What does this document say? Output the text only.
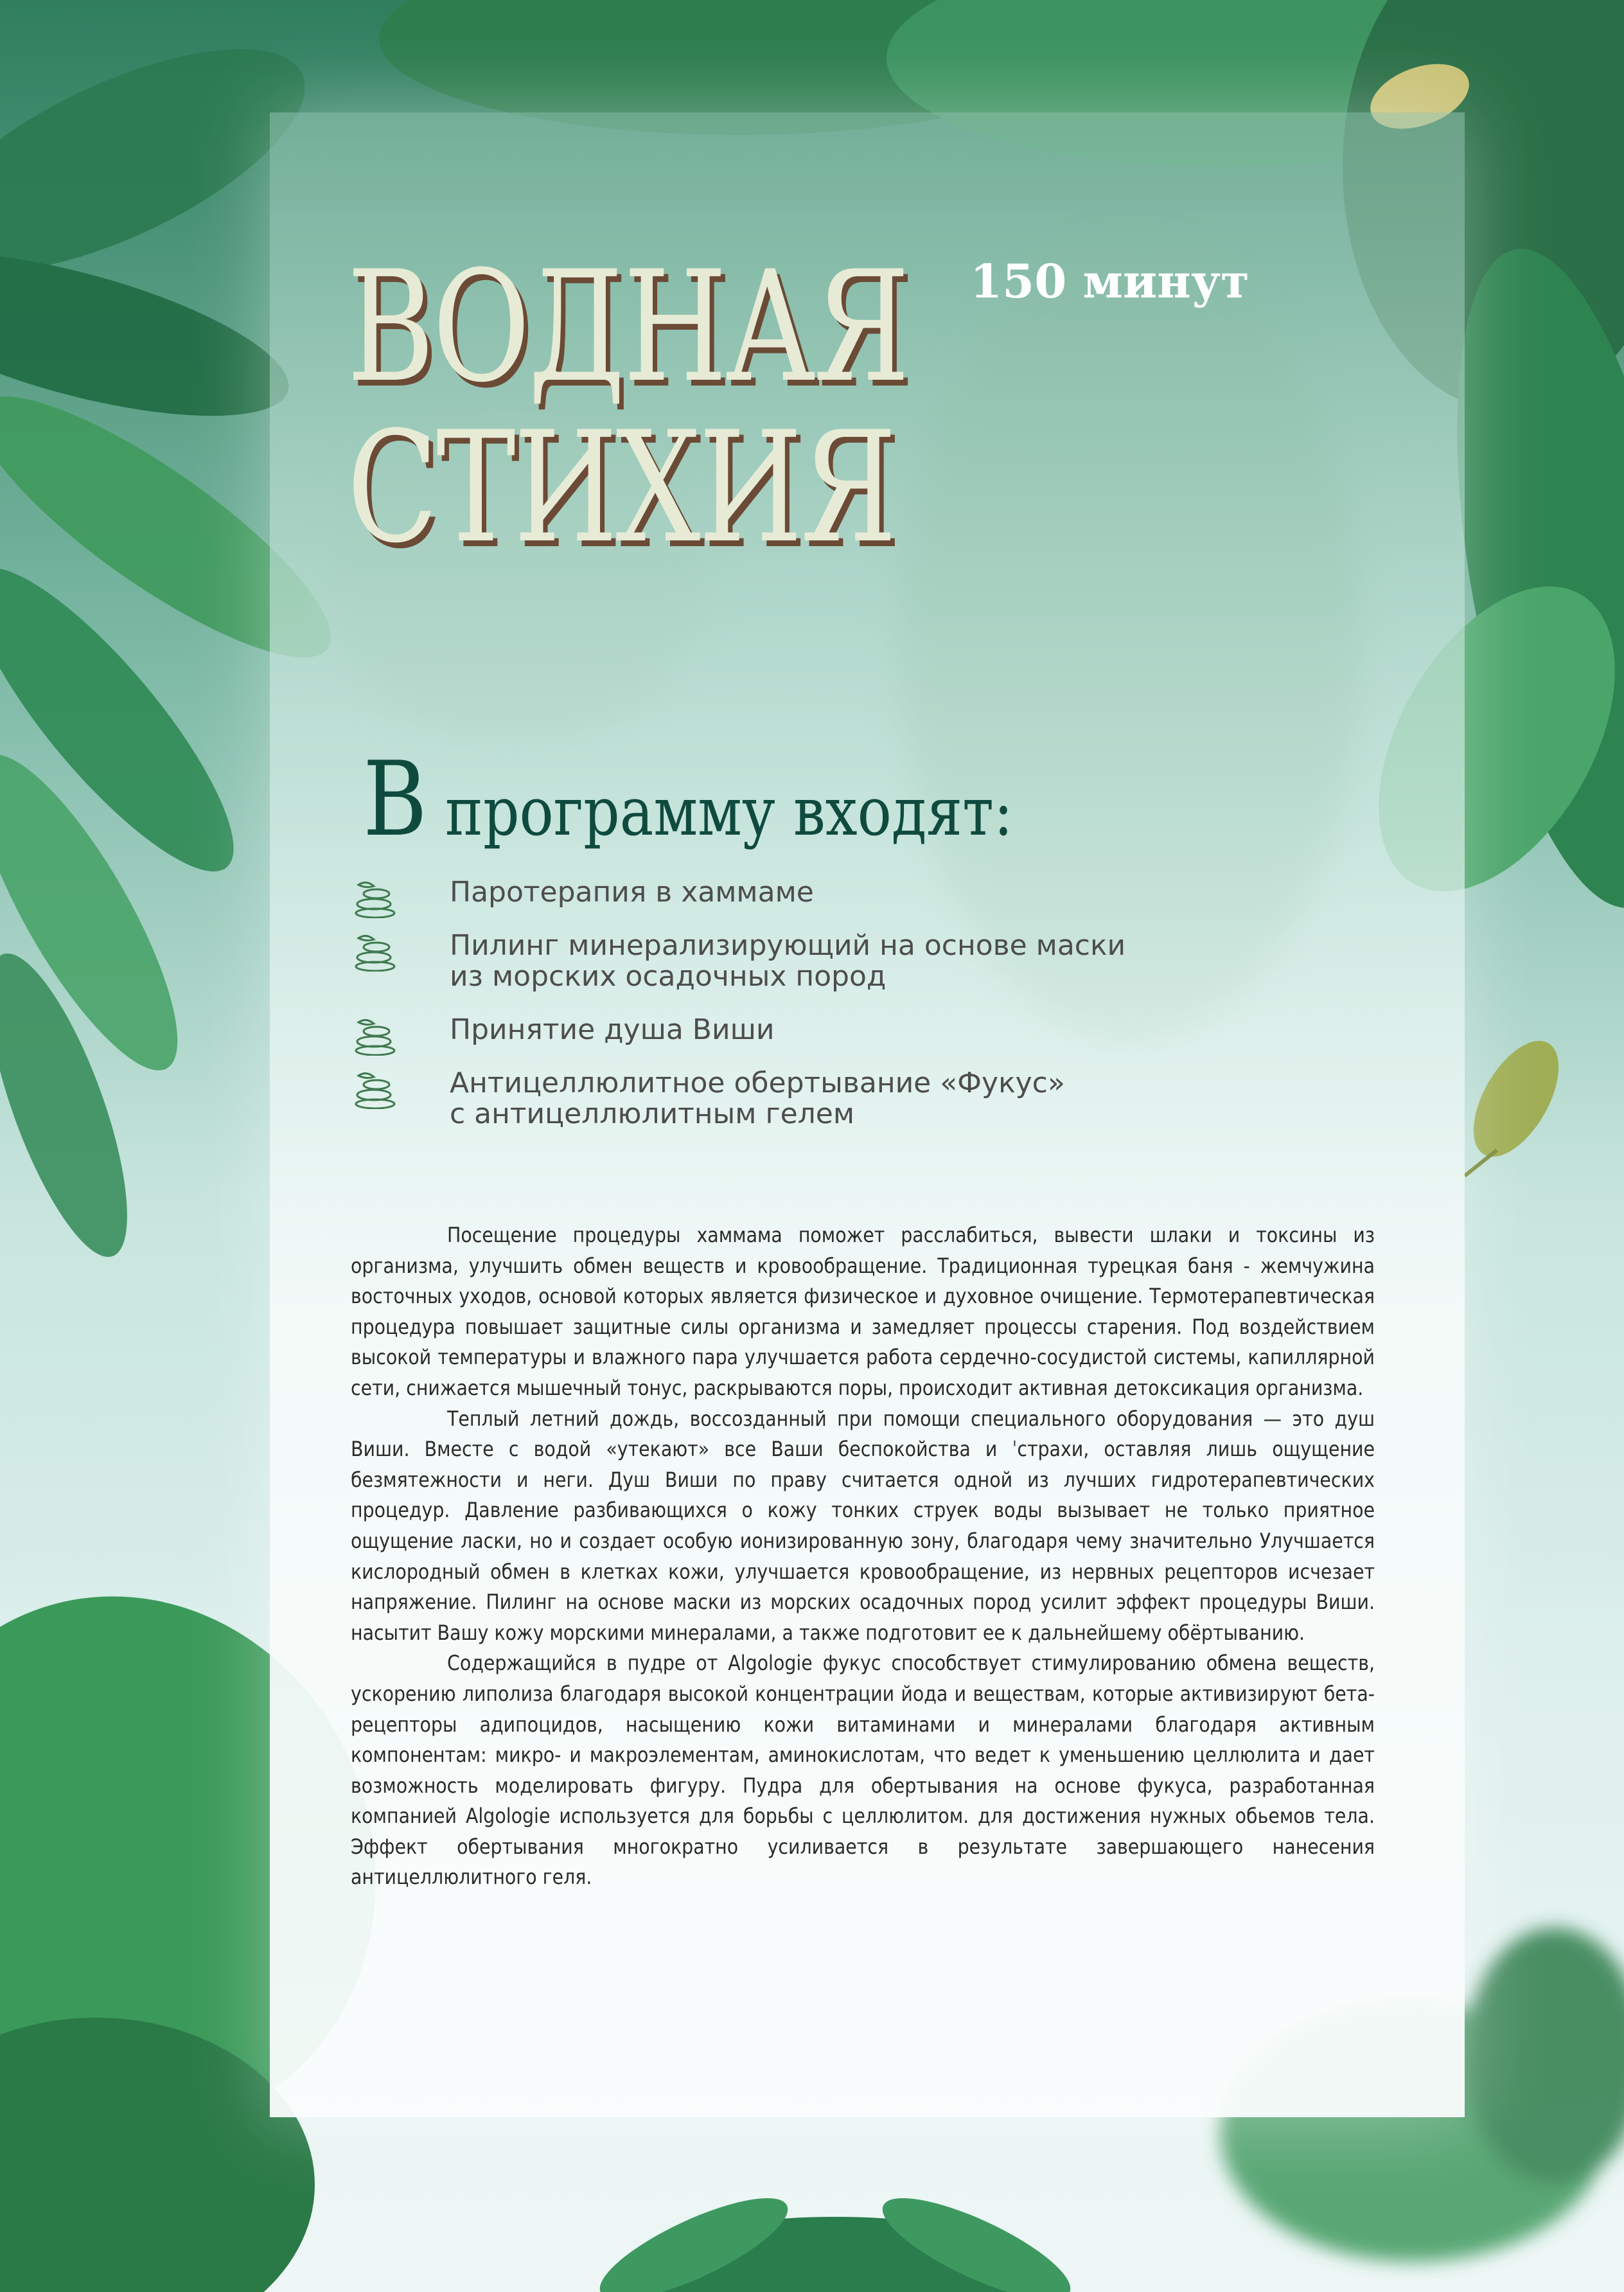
ВОДНАЯ
СТИХИЯ
150 минут
В программу входят:
Паротерапия в хаммаме
Пилинг минерализирующий на основе маски
из морских осадочных пород
Принятие душа Виши
Антицеллюлитное обертывание «Фукус»
с антицеллюлитным гелем

Посещение процедуры хаммама поможет расслабиться, вывести шлаки и токсины из организма, улучшить обмен веществ и кровообращение. Традиционная турецкая баня - жемчужина восточных уходов, основой которых является физическое и духовное очищение. Термотерапевтическая процедура повышает защитные силы организма и замедляет процессы старения. Под воздействием высокой температуры и влажного пара улучшается работа сердечно-сосудистой системы, капиллярной сети, снижается мышечный тонус, раскрываются поры, происходит активная детоксикация организма.

Теплый летний дождь, воссозданный при помощи специального оборудования — это душ Виши. Вместе с водой «утекают» все Ваши беспокойства и ˈстрахи, оставляя лишь ощущение безмятежности и неги. Душ Виши по праву считается одной из лучших гидротерапевтических процедур. Давление разбивающихся о кожу тонких струек воды вызывает не только приятное ощущение ласки, но и создает особую ионизированную зону, благодаря чему значительно Улучшается кислородный обмен в клетках кожи, улучшается кровообращение, из нервных рецепторов исчезает напряжение. Пилинг на основе маски из морских осадочных пород усилит эффект процедуры Виши. насытит Вашу кожу морскими минералами, а также подготовит ее к дальнейшему обёртыванию.

Содержащийся в пудре от Algologie фукус способствует стимулированию обмена веществ, ускорению липолиза благодаря высокой концентрации йода и веществам, которые активизируют бета-рецепторы адипоцидов, насыщению кожи витаминами и минералами благодаря активным компонентам: микро- и макроэлементам, аминокислотам, что ведет к уменьшению целлюлита и дает возможность моделировать фигуру. Пудра для обертывания на основе фукуса, разработанная компанией Algologie используется для борьбы с целлюлитом. для достижения нужных обьемов тела. Эффект обертывания многократно усиливается в результате завершающего нанесения антицеллюлитного геля.
